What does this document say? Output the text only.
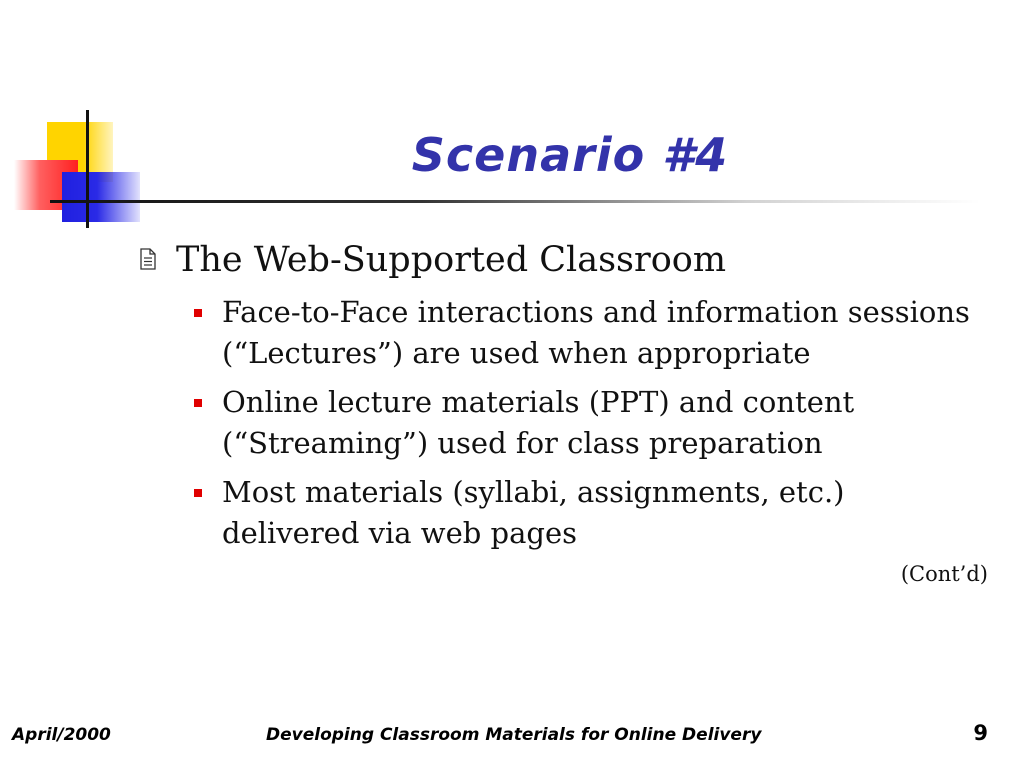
Scenario #4
The Web-Supported Classroom
Face-to-Face interactions and information sessions (“Lectures”) are used when appropriate
Online lecture materials (PPT) and content (“Streaming”) used for class preparation
Most materials (syllabi, assignments, etc.) delivered via web pages
(Cont’d)
April/2000	Developing Classroom Materials for Online Delivery	9
